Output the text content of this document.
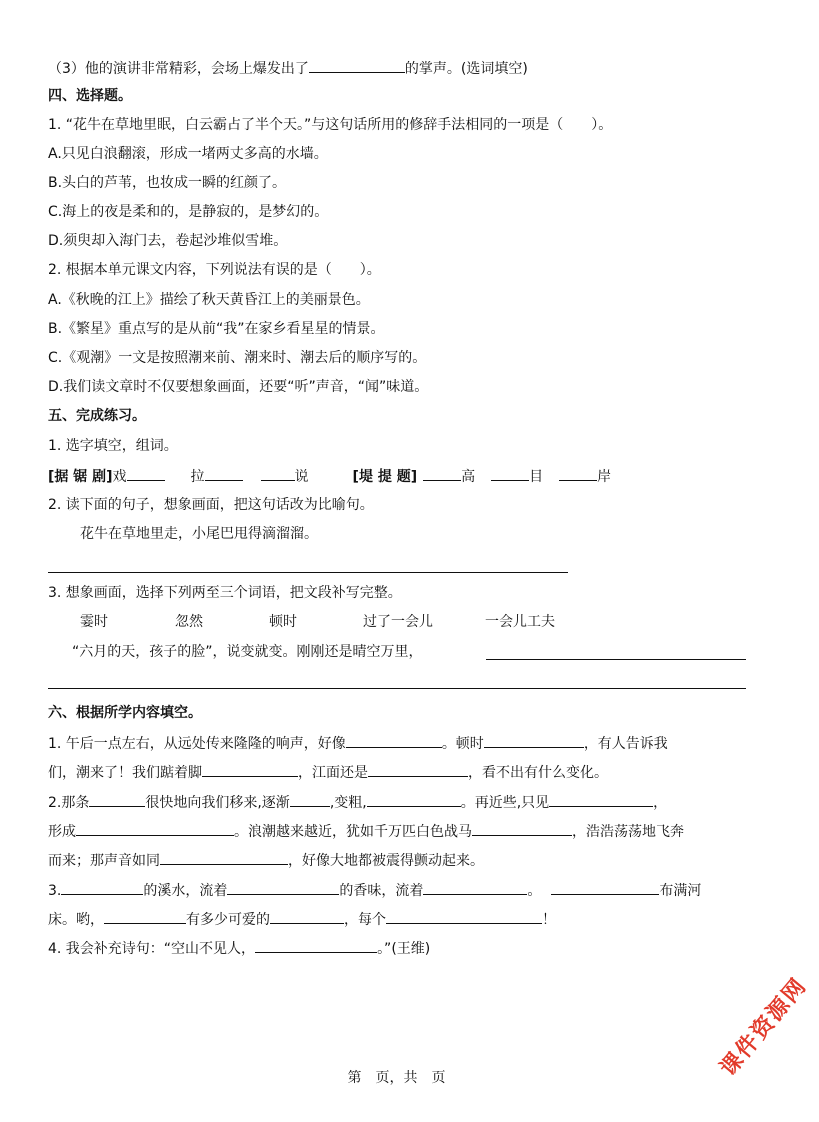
（3）他的演讲非常精彩，会场上爆发出了	的掌声。(选词填空)
四、选择题。
1. “花牛在草地里眠，白云霸占了半个天。”与这句话所用的修辞手法相同的一项是（　　）。
A.只见白浪翻滚，形成一堵两丈多高的水墙。
B.头白的芦苇，也妆成一瞬的红颜了。
C.海上的夜是柔和的，是静寂的，是梦幻的。
D.须臾却入海门去，卷起沙堆似雪堆。
2. 根据本单元课文内容，下列说法有误的是（　　）。
A.《秋晚的江上》描绘了秋天黄昏江上的美丽景色。
B.《繁星》重点写的是从前“我”在家乡看星星的情景。
C.《观潮》一文是按照潮来前、潮来时、潮去后的顺序写的。
D.我们读文章时不仅要想象画面，还要“听”声音，“闻”味道。
五、完成练习。
1. 选字填空，组词。
[据 锯 剧]戏	拉	说	[堤 提 题]	高	目	岸
2. 读下面的句子，想象画面，把这句话改为比喻句。
花牛在草地里走，小尾巴甩得滴溜溜。
3. 想象画面，选择下列两至三个词语，把文段补写完整。
霎时	忽然	顿时	过了一会儿	一会儿工夫
“六月的天，孩子的脸”，说变就变。刚刚还是晴空万里，
六、根据所学内容填空。
1. 午后一点左右，从远处传来隆隆的响声，好像	。顿时	，有人告诉我
们，潮来了！我们踮着脚	，江面还是	，看不出有什么变化。
2.那条	很快地向我们移来,逐渐	,变粗,	。再近些,只见	，
形成	。浪潮越来越近，犹如千万匹白色战马	，浩浩荡荡地飞奔
而来；那声音如同	，好像大地都被震得颤动起来。
3.	的溪水，流着	的香味，流着	。	布满河
床。哟，	有多少可爱的	，每个	！
4. 我会补充诗句：“空山不见人，	。”(王维)
课件资源网
第　页，共　页
